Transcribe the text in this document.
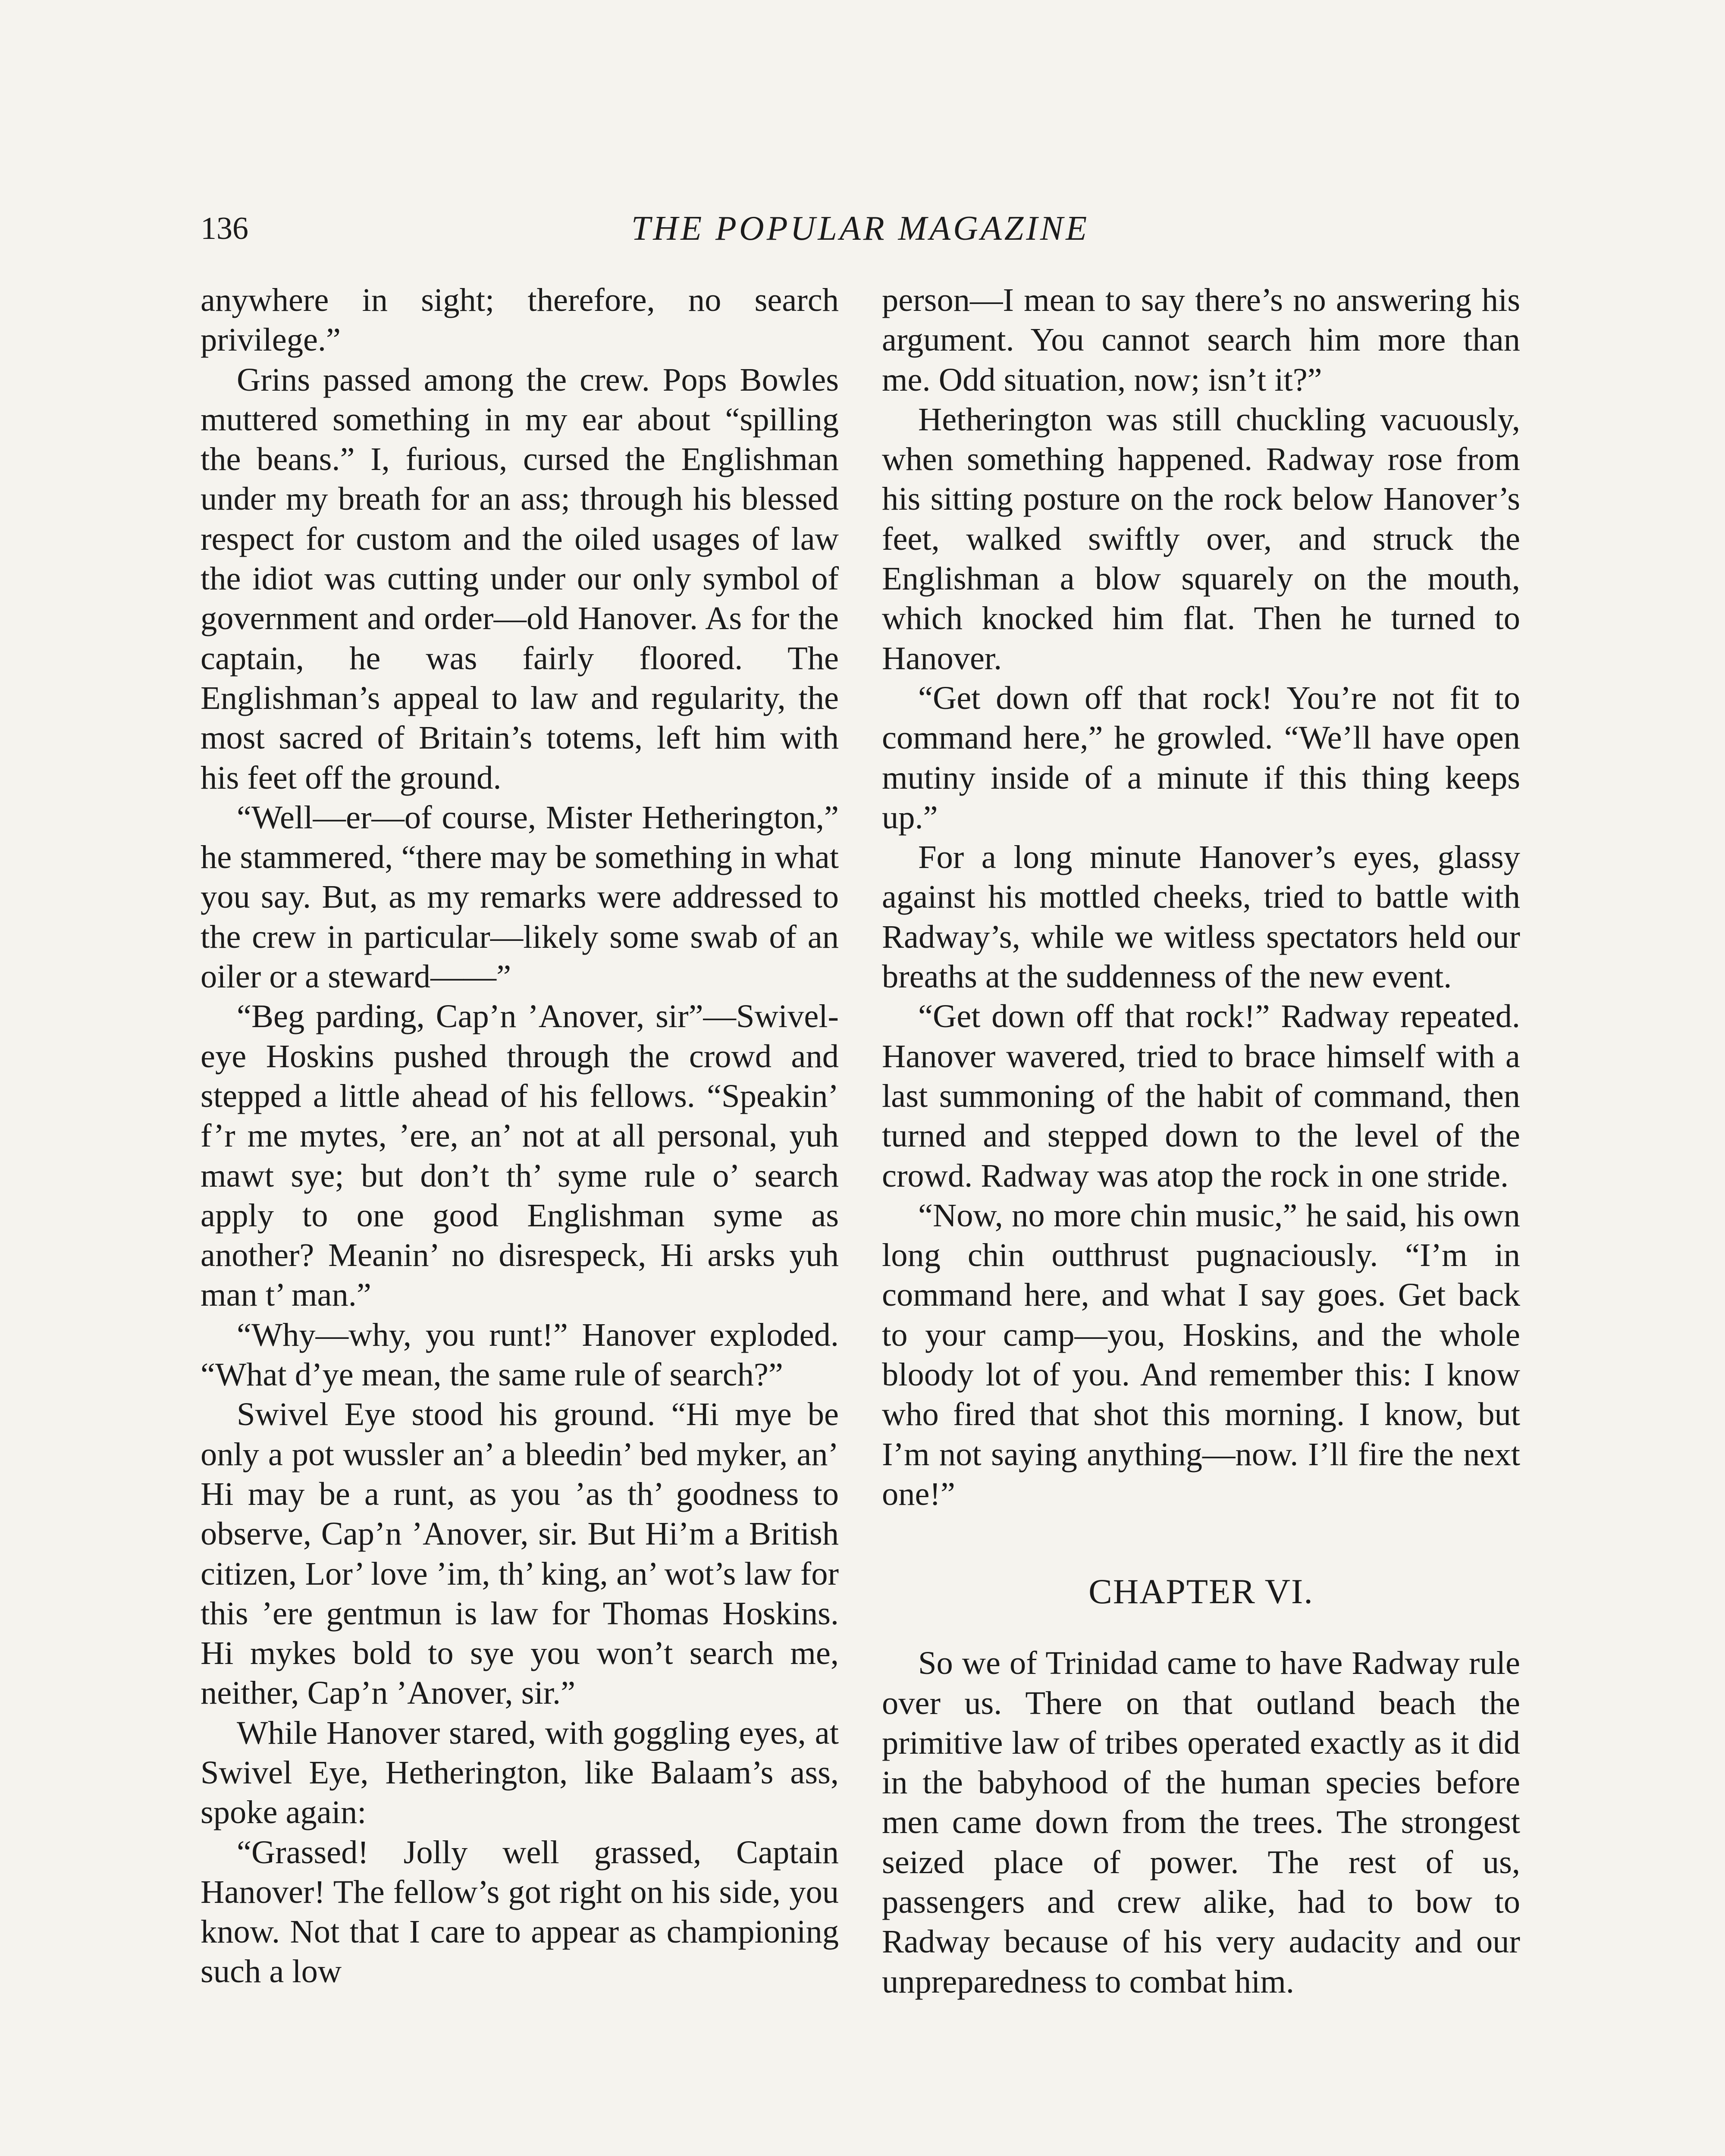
136	THE POPULAR MAGAZINE

anywhere in sight; therefore, no search privilege.”

Grins passed among the crew. Pops Bowles muttered something in my ear about “spilling the beans.” I, furious, cursed the Englishman under my breath for an ass; through his blessed respect for custom and the oiled usages of law the idiot was cutting under our only symbol of government and order—old Hanover. As for the captain, he was fairly floored. The Englishman’s appeal to law and regularity, the most sacred of Britain’s totems, left him with his feet off the ground.

“Well—er—of course, Mister Hetherington,” he stammered, “there may be something in what you say. But, as my remarks were addressed to the crew in particular—likely some swab of an oiler or a steward——”

“Beg parding, Cap’n ’Anover, sir”—Swivel-eye Hoskins pushed through the crowd and stepped a little ahead of his fellows. “Speakin’ f’r me mytes, ’ere, an’ not at all personal, yuh mawt sye; but don’t th’ syme rule o’ search apply to one good Englishman syme as another? Meanin’ no disrespeck, Hi arsks yuh man t’ man.”

“Why—why, you runt!” Hanover exploded. “What d’ye mean, the same rule of search?”

Swivel Eye stood his ground. “Hi mye be only a pot wussler an’ a bleedin’ bed myker, an’ Hi may be a runt, as you ’as th’ goodness to observe, Cap’n ’Anover, sir. But Hi’m a British citizen, Lor’ love ’im, th’ king, an’ wot’s law for this ’ere gentmun is law for Thomas Hoskins. Hi mykes bold to sye you won’t search me, neither, Cap’n ’Anover, sir.”

While Hanover stared, with goggling eyes, at Swivel Eye, Hetherington, like Balaam’s ass, spoke again:

“Grassed! Jolly well grassed, Captain Hanover! The fellow’s got right on his side, you know. Not that I care to appear as championing such a low

person—I mean to say there’s no answering his argument. You cannot search him more than me. Odd situation, now; isn’t it?”

Hetherington was still chuckling vacuously, when something happened. Radway rose from his sitting posture on the rock below Hanover’s feet, walked swiftly over, and struck the Englishman a blow squarely on the mouth, which knocked him flat. Then he turned to Hanover.

“Get down off that rock! You’re not fit to command here,” he growled. “We’ll have open mutiny inside of a minute if this thing keeps up.”

For a long minute Hanover’s eyes, glassy against his mottled cheeks, tried to battle with Radway’s, while we witless spectators held our breaths at the suddenness of the new event.

“Get down off that rock!” Radway repeated. Hanover wavered, tried to brace himself with a last summoning of the habit of command, then turned and stepped down to the level of the crowd. Radway was atop the rock in one stride.

“Now, no more chin music,” he said, his own long chin outthrust pugnaciously. “I’m in command here, and what I say goes. Get back to your camp—you, Hoskins, and the whole bloody lot of you. And remember this: I know who fired that shot this morning. I know, but I’m not saying anything—now. I’ll fire the next one!”

CHAPTER VI.

So we of Trinidad came to have Radway rule over us. There on that outland beach the primitive law of tribes operated exactly as it did in the babyhood of the human species before men came down from the trees. The strongest seized place of power. The rest of us, passengers and crew alike, had to bow to Radway because of his very audacity and our unpreparedness to combat him.
